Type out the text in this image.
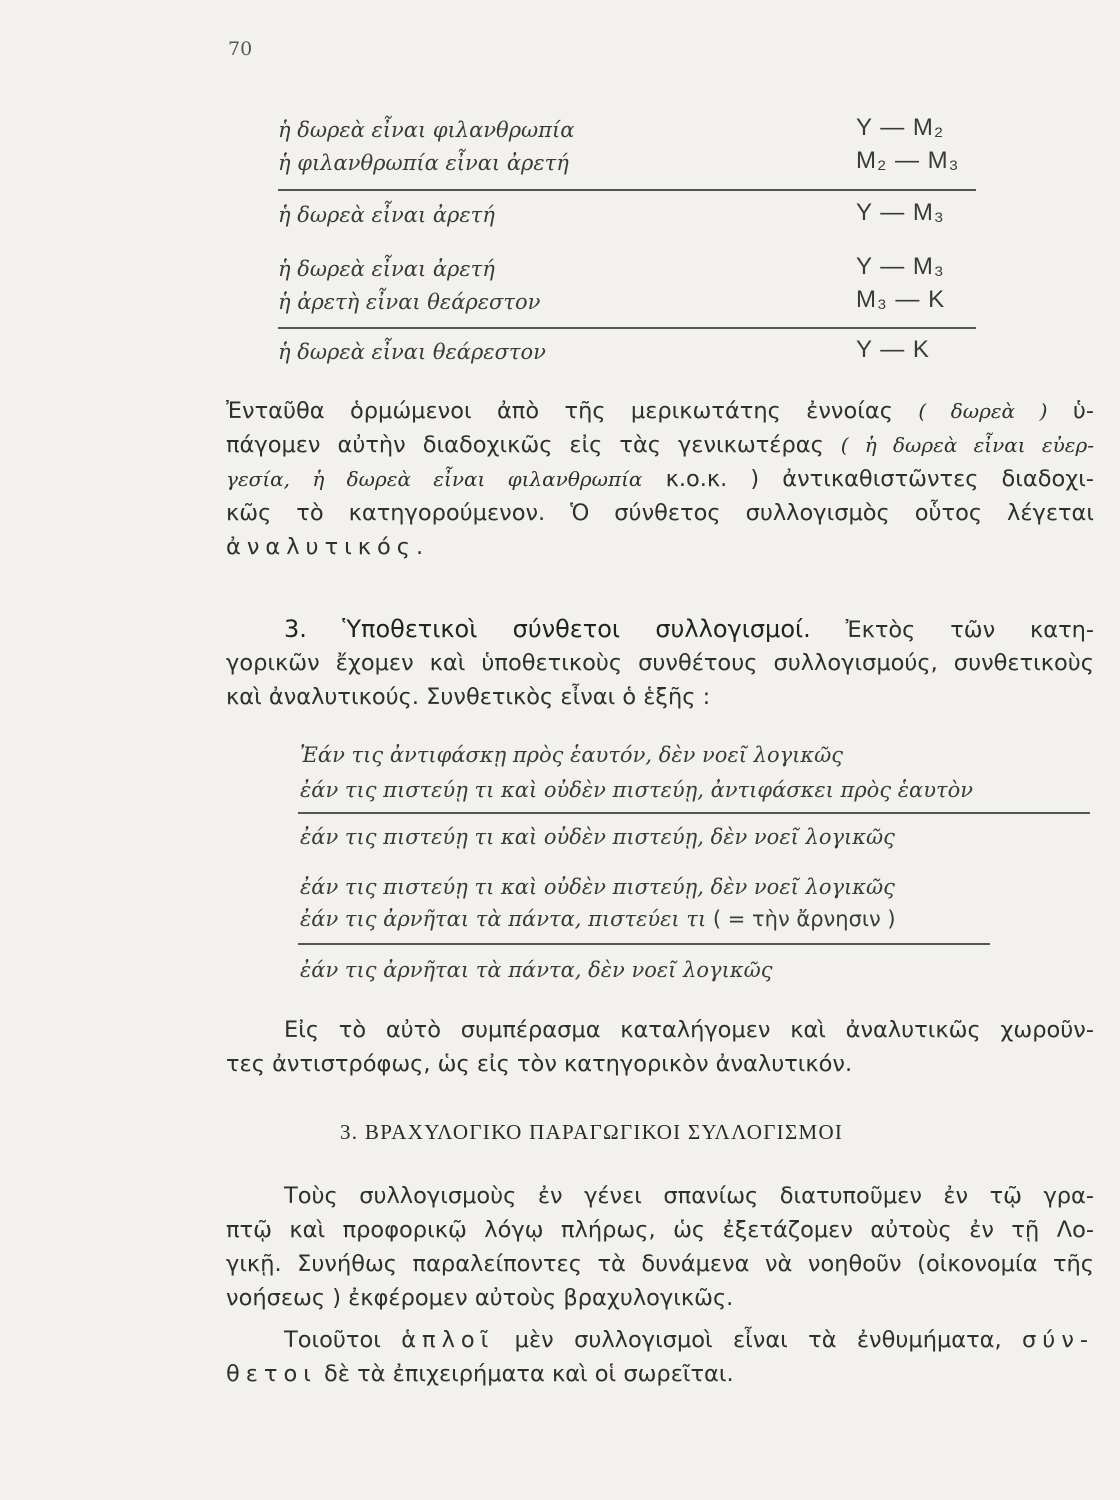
70
ἡ δωρεὰ εἶναι φιλανθρωπία	Υ — Μ₂
ἡ φιλανθρωπία εἶναι ἀρετή	Μ₂ — Μ₃
ἡ δωρεὰ εἶναι ἀρετή	Υ — Μ₃
ἡ δωρεὰ εἶναι ἀρετή	Υ — Μ₃
ἡ ἀρετὴ εἶναι θεάρεστον	Μ₃ — Κ
ἡ δωρεὰ εἶναι θεάρεστον	Υ — Κ
Ἐνταῦθα ὁρμώμενοι ἀπὸ τῆς μερικωτάτης ἐννοίας ( δωρεὰ ) ὑ-
πάγομεν αὐτὴν διαδοχικῶς εἰς τὰς γενικωτέρας ( ἡ δωρεὰ εἶναι εὐερ-
γεσία, ἡ δωρεὰ εἶναι φιλανθρωπία κ.ο.κ. ) ἀντικαθιστῶντες διαδοχι-
κῶς τὸ κατηγορούμενον. Ὁ σύνθετος συλλογισμὸς οὗτος λέγεται
ἀναλυτικός.
3. Ὑποθετικοὶ σύνθετοι συλλογισμοί. Ἐκτὸς τῶν κατη-
γορικῶν ἔχομεν καὶ ὑποθετικοὺς συνθέτους συλλογισμούς, συνθετικοὺς
καὶ ἀναλυτικούς. Συνθετικὸς εἶναι ὁ ἑξῆς :
Ἐάν τις ἀντιφάσκῃ πρὸς ἑαυτόν, δὲν νοεῖ λογικῶς
ἐάν τις πιστεύῃ τι καὶ οὐδὲν πιστεύῃ, ἀντιφάσκει πρὸς ἑαυτὸν
ἐάν τις πιστεύῃ τι καὶ οὐδὲν πιστεύῃ, δὲν νοεῖ λογικῶς
ἐάν τις πιστεύῃ τι καὶ οὐδὲν πιστεύῃ, δὲν νοεῖ λογικῶς
ἐάν τις ἀρνῆται τὰ πάντα, πιστεύει τι ( = τὴν ἄρνησιν )
ἐάν τις ἀρνῆται τὰ πάντα, δὲν νοεῖ λογικῶς
Εἰς τὸ αὐτὸ συμπέρασμα καταλήγομεν καὶ ἀναλυτικῶς χωροῦν-
τες ἀντιστρόφως, ὡς εἰς τὸν κατηγορικὸν ἀναλυτικόν.
3. ΒΡΑΧΥΛΟΓΙΚΟ ΠΑΡΑΓΩΓΙΚΟΙ ΣΥΛΛΟΓΙΣΜΟΙ
Τοὺς συλλογισμοὺς ἐν γένει σπανίως διατυποῦμεν ἐν τῷ γρα-
πτῷ καὶ προφορικῷ λόγῳ πλήρως, ὡς ἐξετάζομεν αὐτοὺς ἐν τῇ Λο-
γικῇ. Συνήθως παραλείποντες τὰ δυνάμενα νὰ νοηθοῦν (οἰκονομία τῆς
νοήσεως ) ἐκφέρομεν αὐτοὺς βραχυλογικῶς.
Τοιοῦτοι ἁπλοῖ μὲν συλλογισμοὶ εἶναι τὰ ἐνθυμήματα, σύν-
θετοι δὲ τὰ ἐπιχειρήματα καὶ οἱ σωρεῖται.
